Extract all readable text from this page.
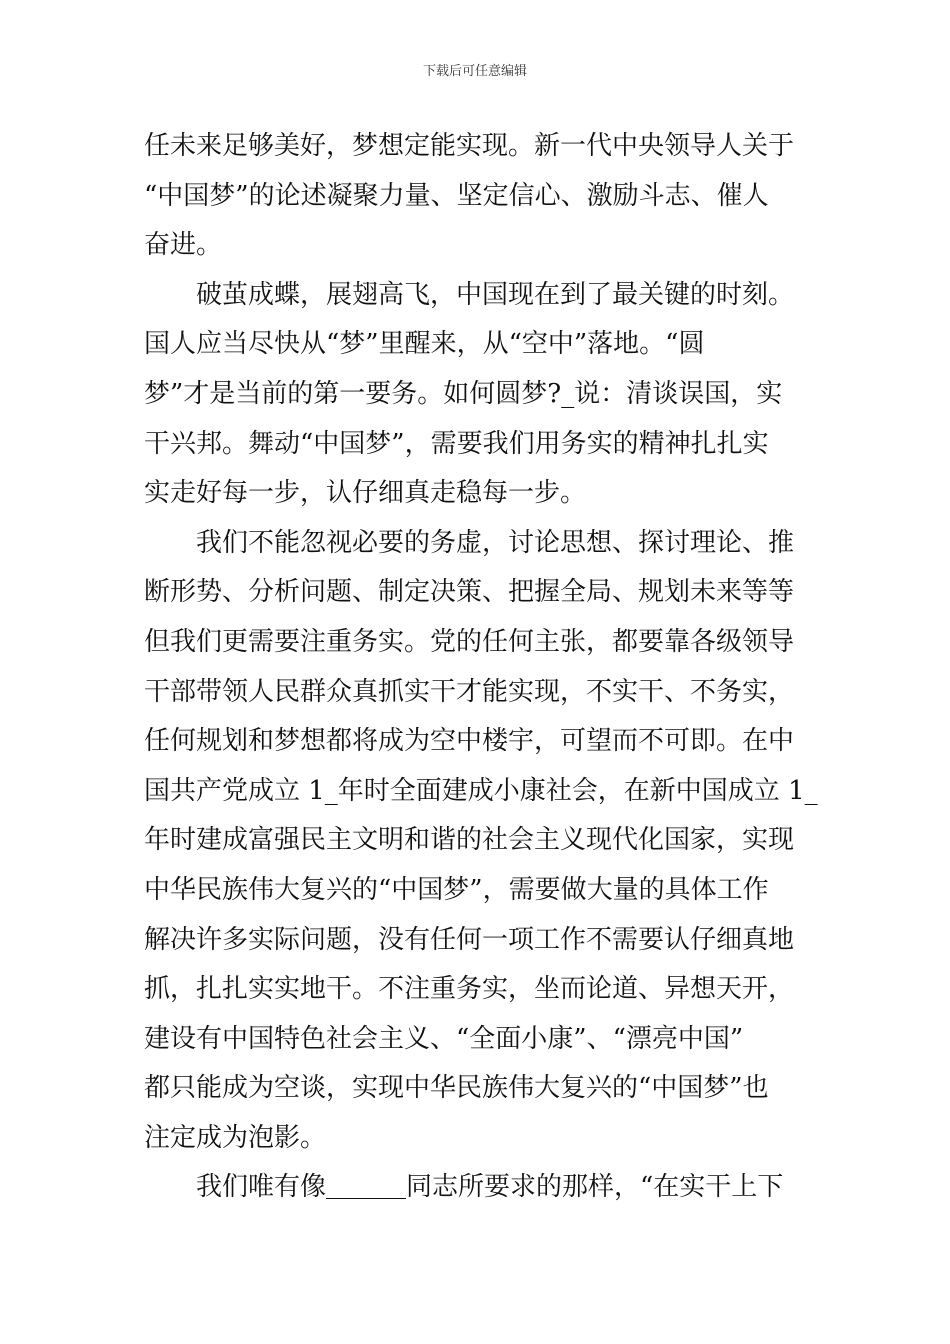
下载后可任意编辑
任未来足够美好，梦想定能实现。新一代中央领导人关于
“中国梦”的论述凝聚力量、坚定信心、激励斗志、催人
奋进。
破茧成蝶，展翅高飞，中国现在到了最关键的时刻。
国人应当尽快从“梦”里醒来，从“空中”落地。“圆
梦”才是当前的第一要务。如何圆梦?_说：清谈误国，实
干兴邦。舞动“中国梦”，需要我们用务实的精神扎扎实
实走好每一步，认仔细真走稳每一步。
我们不能忽视必要的务虚，讨论思想、探讨理论、推
断形势、分析问题、制定决策、把握全局、规划未来等等
但我们更需要注重务实。党的任何主张，都要靠各级领导
干部带领人民群众真抓实干才能实现，不实干、不务实，
任何规划和梦想都将成为空中楼宇，可望而不可即。在中
国共产党成立 1_年时全面建成小康社会，在新中国成立 1_
年时建成富强民主文明和谐的社会主义现代化国家，实现
中华民族伟大复兴的“中国梦”，需要做大量的具体工作
解决许多实际问题，没有任何一项工作不需要认仔细真地
抓，扎扎实实地干。不注重务实，坐而论道、异想天开，
建设有中国特色社会主义、“全面小康”、“漂亮中国”
都只能成为空谈，实现中华民族伟大复兴的“中国梦”也
注定成为泡影。
我们唯有像	同志所要求的那样，“在实干上下
